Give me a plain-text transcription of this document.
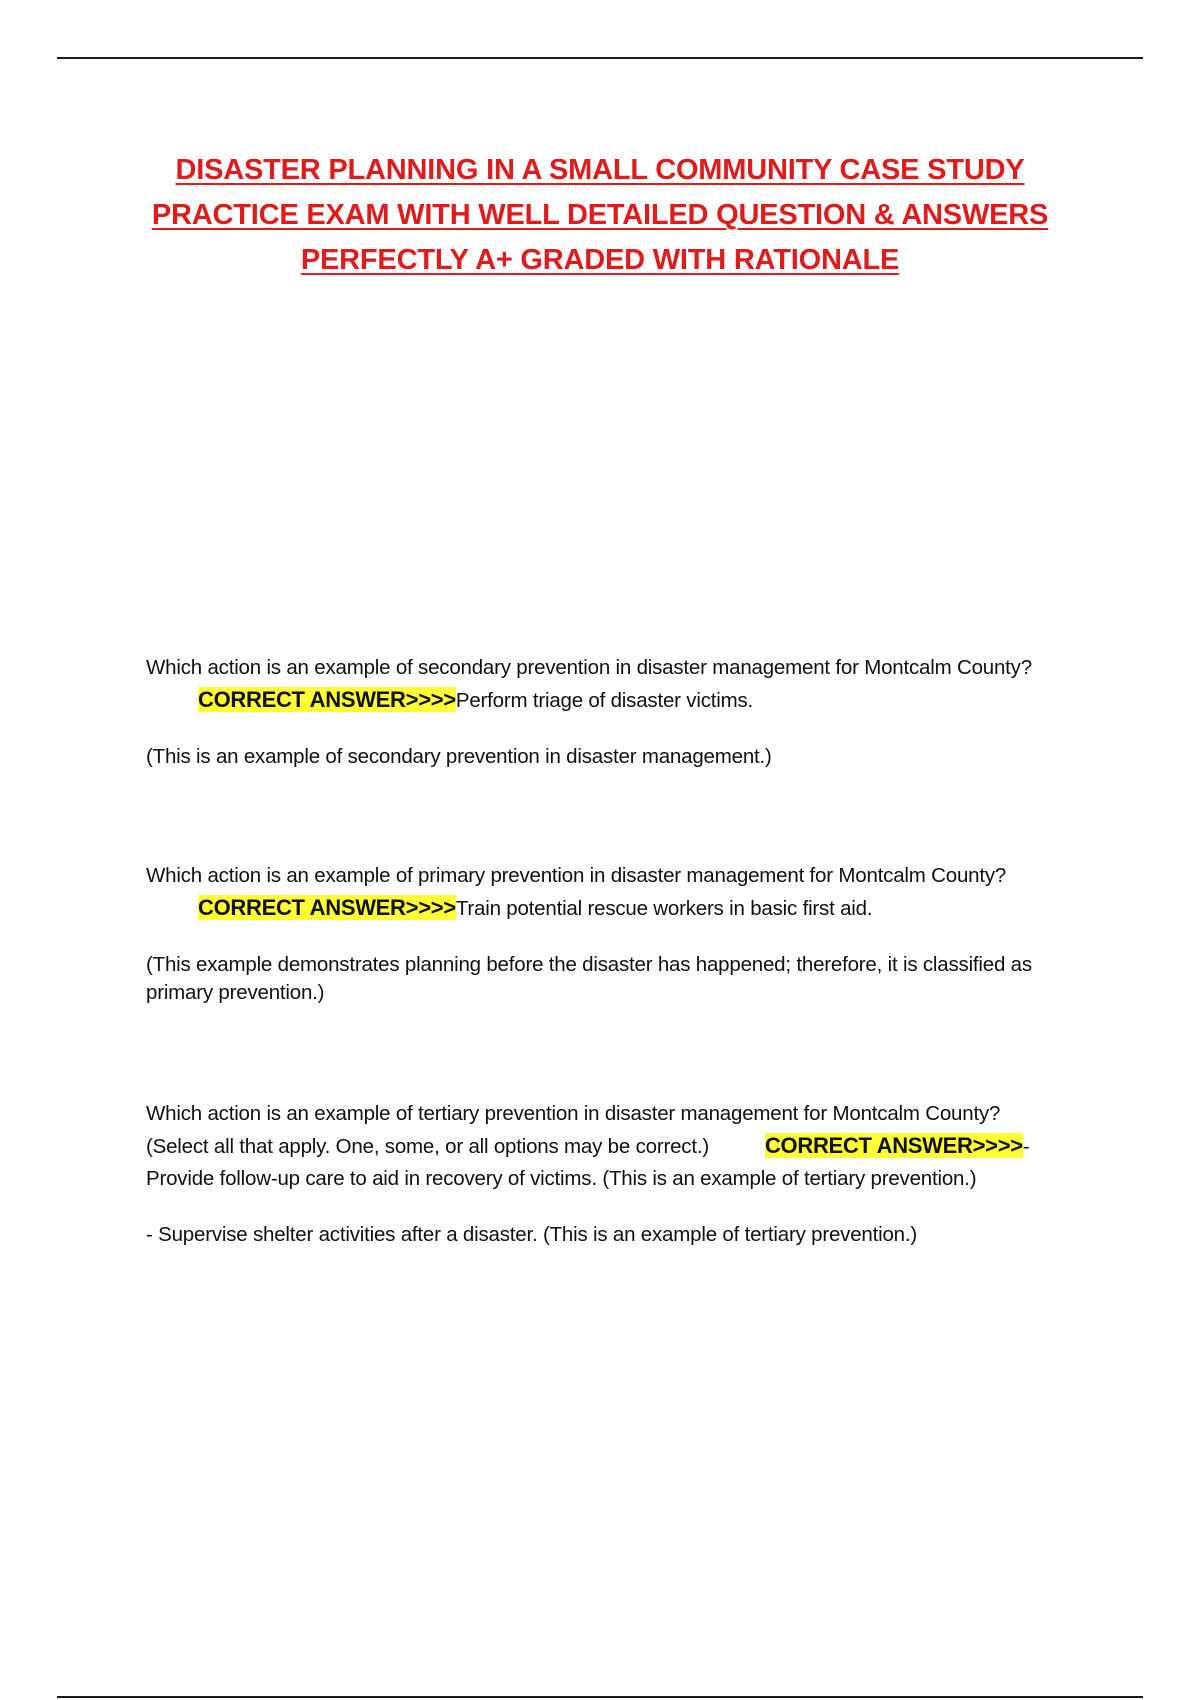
DISASTER PLANNING IN A SMALL COMMUNITY CASE STUDY
PRACTICE EXAM WITH WELL DETAILED QUESTION & ANSWERS
PERFECTLY A+ GRADED WITH RATIONALE

Which action is an example of secondary prevention in disaster management for Montcalm County?CORRECT ANSWER>>>>Perform triage of disaster victims.

(This is an example of secondary prevention in disaster management.)

Which action is an example of primary prevention in disaster management for Montcalm County?CORRECT ANSWER>>>>Train potential rescue workers in basic first aid.

(This example demonstrates planning before the disaster has happened; therefore, it is classified as primary prevention.)

Which action is an example of tertiary prevention in disaster management for Montcalm County? (Select all that apply. One, some, or all options may be correct.)	CORRECT ANSWER>>>>- Provide follow-up care to aid in recovery of victims. (This is an example of tertiary prevention.)

- Supervise shelter activities after a disaster. (This is an example of tertiary prevention.)
